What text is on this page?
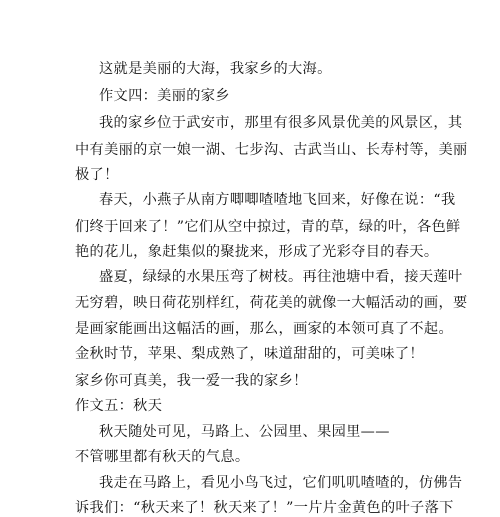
这就是美丽的大海，我家乡的大海。
作文四：美丽的家乡
我的家乡位于武安市，那里有很多风景优美的风景区，其
中有美丽的京一娘一湖、七步沟、古武当山、长寿村等，美丽
极了！
春天，小燕子从南方唧唧喳喳地飞回来，好像在说：“我
们终于回来了！”它们从空中掠过，青的草，绿的叶，各色鲜
艳的花儿，象赶集似的聚拢来，形成了光彩夺目的春天。
盛夏，绿绿的水果压弯了树枝。再往池塘中看，接天莲叶
无穷碧，映日荷花别样红，荷花美的就像一大幅活动的画，要
是画家能画出这幅活的画，那么，画家的本领可真了不起。
金秋时节，苹果、梨成熟了，味道甜甜的，可美味了！
家乡你可真美，我一爱一我的家乡！
作文五：秋天
秋天随处可见，马路上、公园里、果园里——
不管哪里都有秋天的气息。
我走在马路上，看见小鸟飞过，它们叽叽喳喳的，仿佛告
诉我们：“秋天来了！秋天来了！”一片片金黄色的叶子落下
